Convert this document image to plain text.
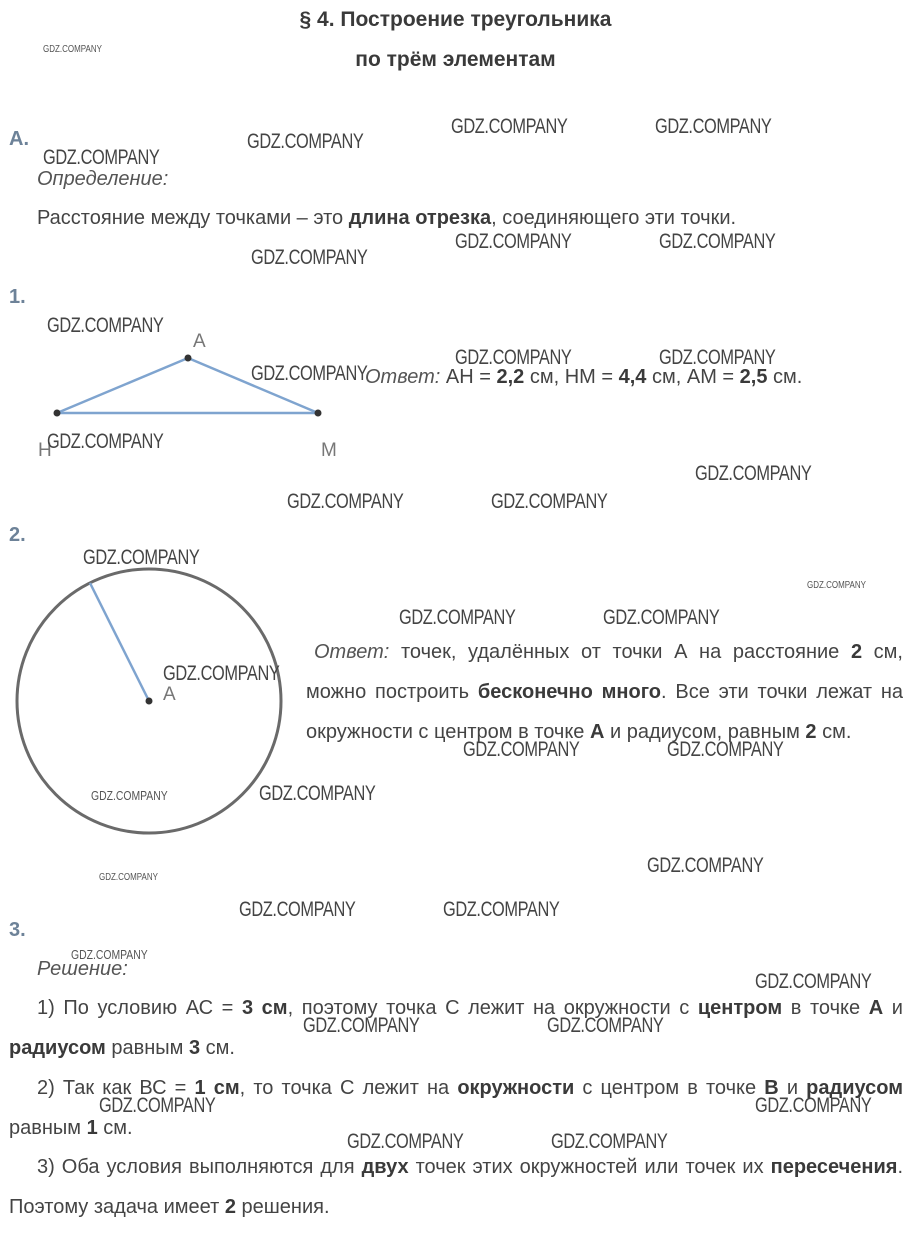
§ 4. Построение треугольника
по трём элементам
А.
Определение:
Расстояние между точками – это длина отрезка, соединяющего эти точки.
1.
A
H	M
Ответ: AH = 2,2 см, HM = 4,4 см, AM = 2,5 см.
2.
A
Ответ: точек, удалённых от точки А на расстояние 2 см, можно построить бесконечно много. Все эти точки лежат на окружности с центром в точке А и радиусом, равным 2 см.
3.
Решение:
1) По условию АС = 3 см, поэтому точка С лежит на окружности с центром в точке А и радиусом равным 3 см.
2) Так как ВС = 1 см, то точка С лежит на окружности с центром в точке В и радиусом равным 1 см.
3) Оба условия выполняются для двух точек этих окружностей или точек их пересечения. Поэтому задача имеет 2 решения.
GDZ.COMPANY
GDZ.COMPANY	GDZ.COMPANY
GDZ.COMPANY
GDZ.COMPANY	GDZ.COMPANY
GDZ.COMPANY
GDZ.COMPANY
GDZ.COMPANY	GDZ.COMPANY
GDZ.COMPANY
GDZ.COMPANY
GDZ.COMPANY
GDZ.COMPANY	GDZ.COMPANY
GDZ.COMPANY
GDZ.COMPANY	GDZ.COMPANY
GDZ.COMPANY
GDZ.COMPANY	GDZ.COMPANY
GDZ.COMPANY
GDZ.COMPANY
GDZ.COMPANY	GDZ.COMPANY
GDZ.COMPANY
GDZ.COMPANY	GDZ.COMPANY
GDZ.COMPANY	GDZ.COMPANY
GDZ.COMPANY	GDZ.COMPANY
GDZ.COMPANY
GDZ.COMPANY
GDZ.COMPANY
GDZ.COMPANY
GDZ.COMPANY
